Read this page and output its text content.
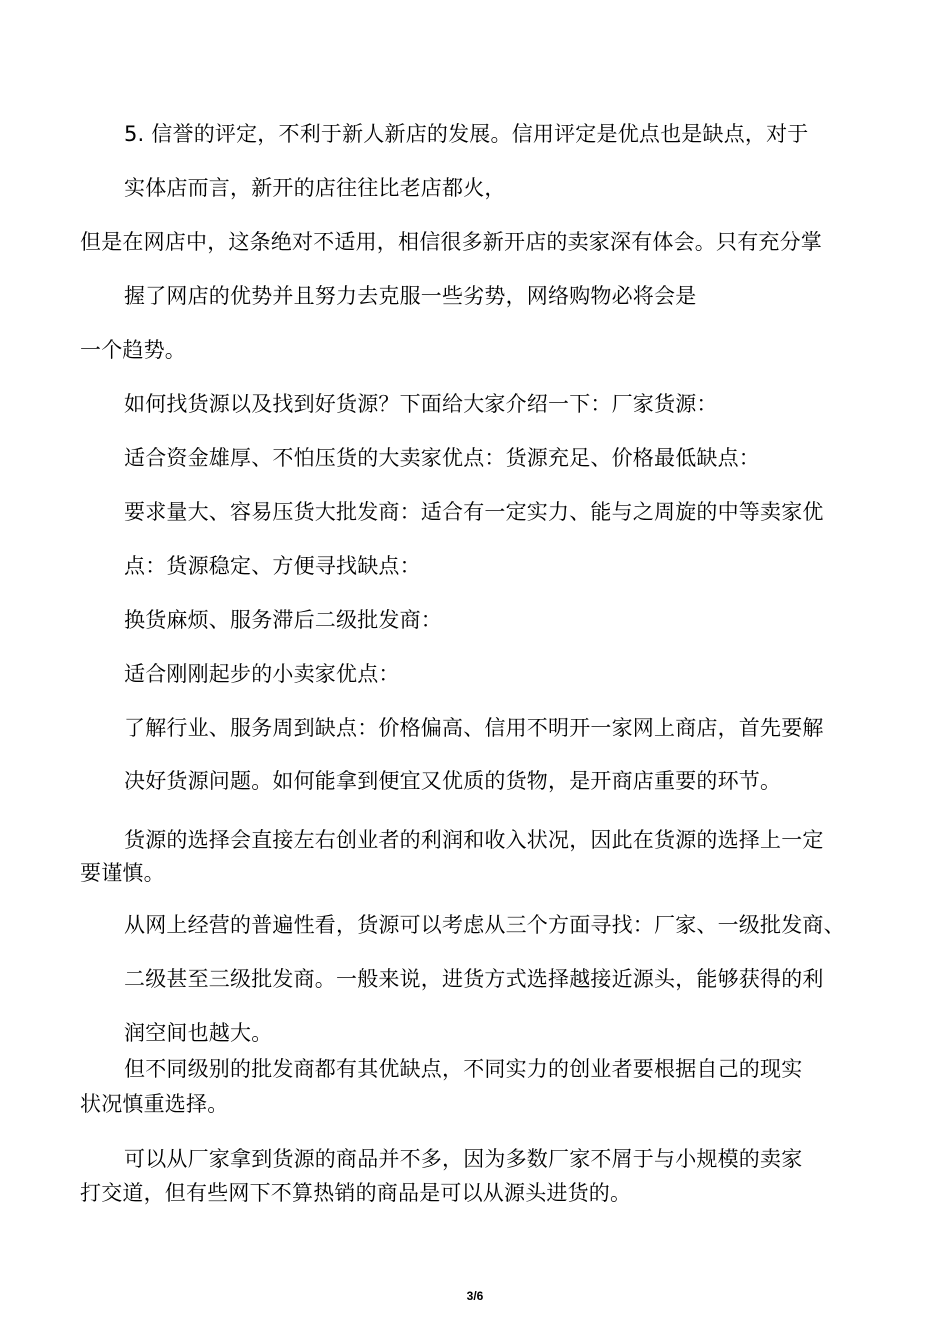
5. 信誉的评定，不利于新人新店的发展。信用评定是优点也是缺点，对于
实体店而言，新开的店往往比老店都火，
但是在网店中，这条绝对不适用，相信很多新开店的卖家深有体会。只有充分掌
握了网店的优势并且努力去克服一些劣势，网络购物必将会是
一个趋势。
如何找货源以及找到好货源？下面给大家介绍一下：厂家货源：
适合资金雄厚、不怕压货的大卖家优点：货源充足、价格最低缺点：
要求量大、容易压货大批发商：适合有一定实力、能与之周旋的中等卖家优
点：货源稳定、方便寻找缺点：
换货麻烦、服务滞后二级批发商：
适合刚刚起步的小卖家优点：
了解行业、服务周到缺点：价格偏高、信用不明开一家网上商店，首先要解
决好货源问题。如何能拿到便宜又优质的货物，是开商店重要的环节。
货源的选择会直接左右创业者的利润和收入状况，因此在货源的选择上一定
要谨慎。
从网上经营的普遍性看，货源可以考虑从三个方面寻找：厂家、一级批发商、
二级甚至三级批发商。一般来说，进货方式选择越接近源头，能够获得的利
润空间也越大。
但不同级别的批发商都有其优缺点，不同实力的创业者要根据自己的现实
状况慎重选择。
可以从厂家拿到货源的商品并不多，因为多数厂家不屑于与小规模的卖家
打交道，但有些网下不算热销的商品是可以从源头进货的。
3/6
